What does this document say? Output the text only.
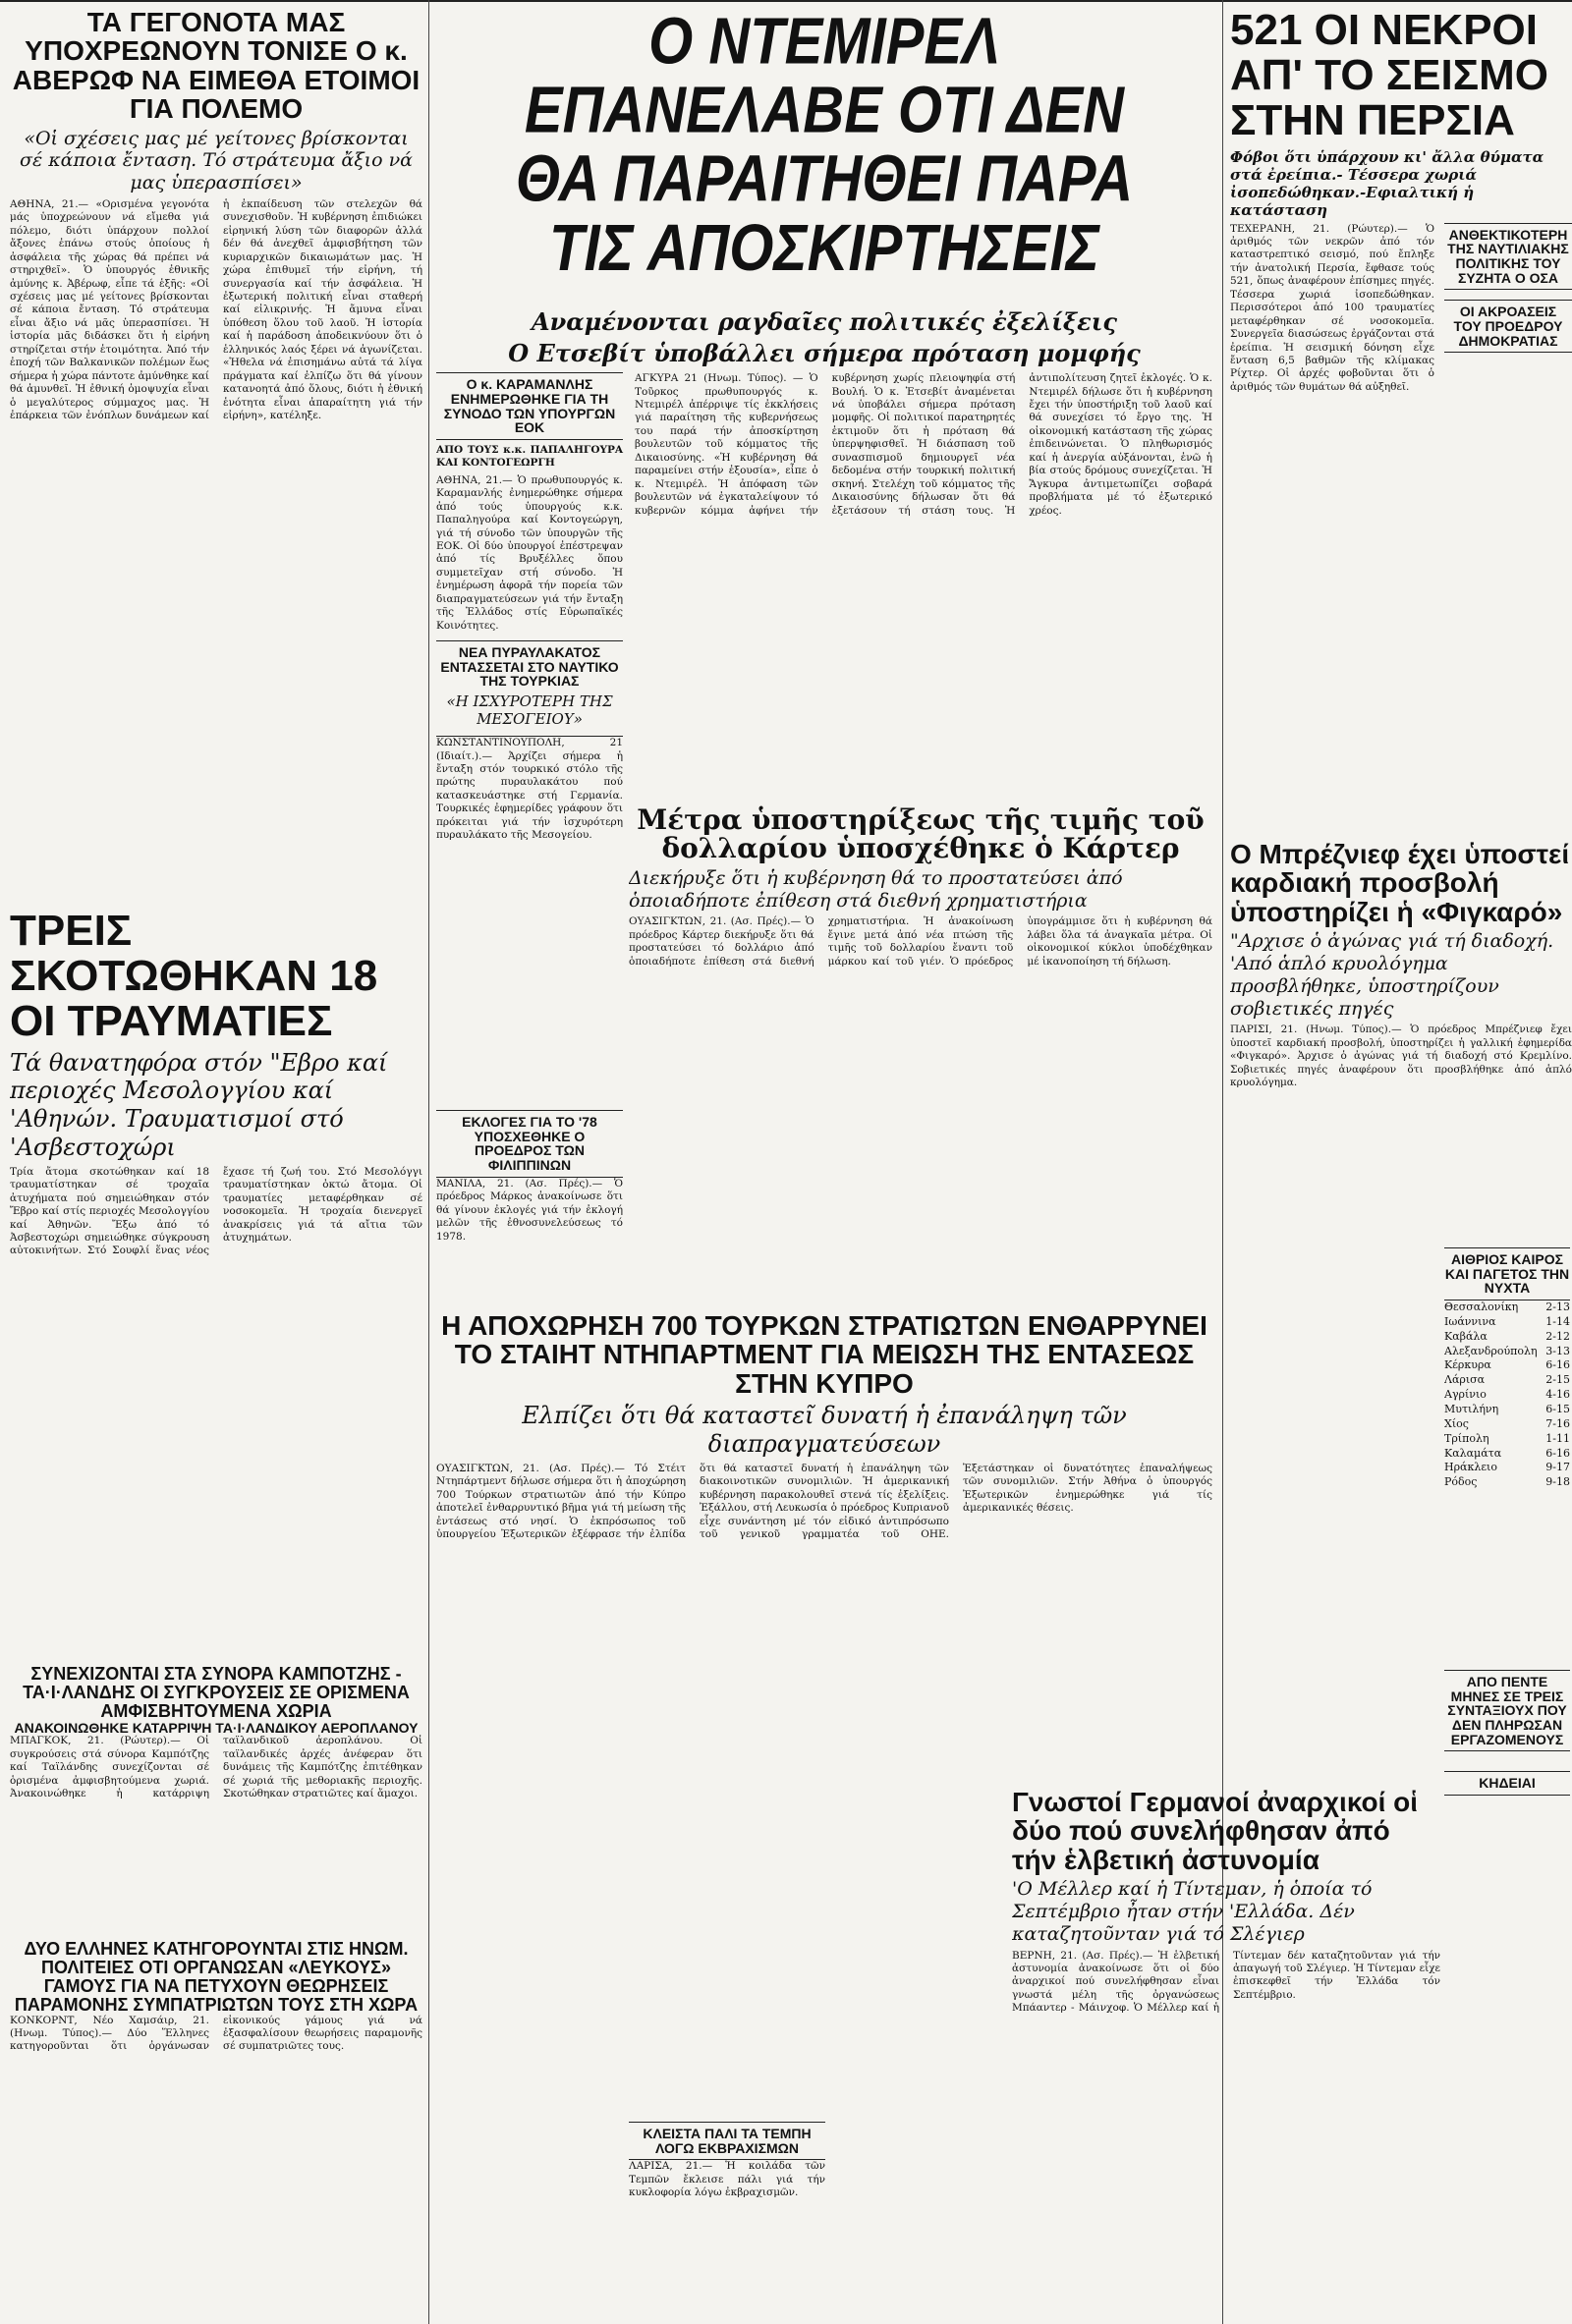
ΤΑ ΓΕΓΟΝΟΤΑ ΜΑΣ ΥΠΟΧΡΕΩΝΟΥΝ ΤΟΝΙΣΕ Ο κ. ΑΒΕΡΩΦ ΝΑ ΕΙΜΕΘΑ ΕΤΟΙΜΟΙ ΓΙΑ ΠΟΛΕΜΟ

«Οἱ σχέσεις μας μέ γείτονες βρίσκονται σέ κάποια ἔνταση. Τό στράτευμα ἄξιο νά μας ὑπερασπίσει»

ΑΘΗΝΑ, 21.— «Ορισμένα γεγονότα μάς ὑποχρεώνουν νά εἴμεθα γιά πόλεμο, διότι ὑπάρχουν πολλοί ἄξονες ἐπάνω στούς ὁποίους ἡ ἀσφάλεια τῆς χώρας θά πρέπει νά στηριχθεῖ». Ὁ ὑπουργός ἐθνικῆς ἀμύνης κ. Ἀβέρωφ, εἶπε τά ἑξῆς: «Οἱ σχέσεις μας μέ γείτονες βρίσκονται σέ κάποια ἔνταση. Τό στράτευμα εἶναι ἄξιο νά μᾶς ὑπερασπίσει. Ἡ ἱστορία μᾶς διδάσκει ὅτι ἡ εἰρήνη στηρίζεται στήν ἑτοιμότητα. Ἀπό τήν ἐποχή τῶν Βαλκανικῶν πολέμων ἕως σήμερα ἡ χώρα πάντοτε ἀμύνθηκε καί θά ἀμυνθεῖ. Ἡ ἐθνική ὁμοψυχία εἶναι ὁ μεγαλύτερος σύμμαχος μας. Ἡ ἐπάρκεια τῶν ἐνόπλων δυνάμεων καί ἡ ἐκπαίδευση τῶν στελεχῶν θά συνεχισθοῦν. Ἡ κυβέρνηση ἐπιδιώκει εἰρηνική λύση τῶν διαφορῶν ἀλλά δέν θά ἀνεχθεῖ ἀμφισβήτηση τῶν κυριαρχικῶν δικαιωμάτων μας. Ἡ χώρα ἐπιθυμεῖ τήν εἰρήνη, τή συνεργασία καί τήν ἀσφάλεια. Ἡ ἐξωτερική πολιτική εἶναι σταθερή καί εἰλικρινής. Ἡ ἄμυνα εἶναι ὑπόθεση ὅλου τοῦ λαοῦ. Ἡ ἱστορία καί ἡ παράδοση ἀποδεικνύουν ὅτι ὁ ἑλληνικός λαός ξέρει νά ἀγωνίζεται. «Ἡθελα νά ἐπισημάνω αὐτά τά λίγα πράγματα καί ἐλπίζω ὅτι θά γίνουν κατανοητά ἀπό ὅλους, διότι ἡ ἐθνική ἑνότητα εἶναι ἀπαραίτητη γιά τήν εἰρήνη», κατέληξε.

ΤΡΕΙΣ ΣΚΟΤΩΘΗΚΑΝ 18 ΟΙ ΤΡΑΥΜΑΤΙΕΣ

Τά θανατηφόρα στόν "Εβρο καί περιοχές Μεσολογγίου καί 'Αθηνών. Τραυματισμοί στό 'Ασβεστοχώρι

Τρία ἄτομα σκοτώθηκαν καί 18 τραυματίστηκαν σέ τροχαῖα ἀτυχήματα πού σημειώθηκαν στόν Ἔβρο καί στίς περιοχές Μεσολογγίου καί Ἀθηνῶν. Ἔξω ἀπό τό Ἀσβεστοχώρι σημειώθηκε σύγκρουση αὐτοκινήτων. Στό Σουφλί ἕνας νέος ἔχασε τή ζωή του. Στό Μεσολόγγι τραυματίστηκαν ὀκτώ ἄτομα. Οἱ τραυματίες μεταφέρθηκαν σέ νοσοκομεῖα. Ἡ τροχαία διενεργεῖ ἀνακρίσεις γιά τά αἴτια τῶν ἀτυχημάτων.

ΣΥΝΕΧΙΖΟΝΤΑΙ ΣΤΑ ΣΥΝΟΡΑ ΚΑΜΠΟΤΖΗΣ - ΤΑ·Ι·ΛΑΝΔΗΣ ΟΙ ΣΥΓΚΡΟΥΣΕΙΣ ΣΕ ΟΡΙΣΜΕΝΑ ΑΜΦΙΣΒΗΤΟΥΜΕΝΑ ΧΩΡΙΑ
ΑΝΑΚΟΙΝΩΘΗΚΕ ΚΑΤΑΡΡΙΨΗ ΤΑ·Ι·ΛΑΝΔΙΚΟΥ ΑΕΡΟΠΛΑΝΟΥ

ΜΠΑΓΚΟΚ, 21. (Ρώυτερ).— Οἱ συγκρούσεις στά σύνορα Καμπότζης καί Ταϊλάνδης συνεχίζονται σέ ὁρισμένα ἀμφισβητούμενα χωριά. Ἀνακοινώθηκε ἡ κατάρριψη ταϊλανδικοῦ ἀεροπλάνου. Οἱ ταϊλανδικές ἀρχές ἀνέφεραν ὅτι δυνάμεις τῆς Καμπότζης ἐπιτέθηκαν σέ χωριά τῆς μεθοριακῆς περιοχῆς. Σκοτώθηκαν στρατιῶτες καί ἄμαχοι.

ΔΥΟ ΕΛΛΗΝΕΣ ΚΑΤΗΓΟΡΟΥΝΤΑΙ ΣΤΙΣ ΗΝΩΜ. ΠΟΛΙΤΕΙΕΣ ΟΤΙ ΟΡΓΑΝΩΣΑΝ «ΛΕΥΚΟΥΣ» ΓΑΜΟΥΣ ΓΙΑ ΝΑ ΠΕΤΥΧΟΥΝ ΘΕΩΡΗΣΕΙΣ ΠΑΡΑΜΟΝΗΣ ΣΥΜΠΑΤΡΙΩΤΩΝ ΤΟΥΣ ΣΤΗ ΧΩΡΑ

ΚΟΝΚΟΡΝΤ, Νέο Χαμσάιρ, 21. (Ηνωμ. Τύπος).— Δύο Ἕλληνες κατηγοροῦνται ὅτι ὀργάνωσαν εἰκονικούς γάμους γιά νά ἐξασφαλίσουν θεωρήσεις παραμονῆς σέ συμπατριῶτες τους.

Ο ΝΤΕΜΙΡΕΛ ΕΠΑΝΕΛΑΒΕ ΟΤΙ ΔΕΝ ΘΑ ΠΑΡΑΙΤΗΘΕΙ ΠΑΡΑ ΤΙΣ ΑΠΟΣΚΙΡΤΗΣΕΙΣ

Αναμένονται ραγδαῖες πολιτικές ἐξελίξεις

Ο Ετσεβίτ ὑποβάλλει σήμερα πρόταση μομφής

Ο κ. ΚΑΡΑΜΑΝΛΗΣ ΕΝΗΜΕΡΩΘΗΚΕ ΓΙΑ ΤΗ ΣΥΝΟΔΟ ΤΩΝ ΥΠΟΥΡΓΩΝ ΕΟΚ

ΑΠΟ ΤΟΥΣ κ.κ. ΠΑΠΑΛΗΓΟΥΡΑ ΚΑΙ ΚΟΝΤΟΓΕΩΡΓΗ

ΑΘΗΝΑ, 21.— Ὁ πρωθυπουργός κ. Καραμανλής ἐνημερώθηκε σήμερα ἀπό τούς ὑπουργούς κ.κ. Παπαληγούρα καί Κοντογεώργη, γιά τή σύνοδο τῶν ὑπουργῶν τῆς ΕΟΚ. Οἱ δύο ὑπουργοί ἐπέστρεψαν ἀπό τίς Βρυξέλλες ὅπου συμμετεῖχαν στή σύνοδο. Ἡ ἐνημέρωση ἀφορᾶ τήν πορεία τῶν διαπραγματεύσεων γιά τήν ἔνταξη τῆς Ἑλλάδος στίς Εὐρωπαϊκές Κοινότητες.

ΝΕΑ ΠΥΡΑΥΛΑΚΑΤΟΣ ΕΝΤΑΣΣΕΤΑΙ ΣΤΟ ΝΑΥΤΙΚΟ ΤΗΣ ΤΟΥΡΚΙΑΣ

«Η ΙΣΧΥΡΟΤΕΡΗ ΤΗΣ ΜΕΣΟΓΕΙΟΥ»

ΚΩΝΣΤΑΝΤΙΝΟΥΠΟΛΗ, 21 (Ιδιαίτ.).— Ἀρχίζει σήμερα ἡ ἔνταξη στόν τουρκικό στόλο τῆς πρώτης πυραυλακάτου πού κατασκευάστηκε στή Γερμανία. Τουρκικές ἐφημερίδες γράφουν ὅτι πρόκειται γιά τήν ἰσχυρότερη πυραυλάκατο τῆς Μεσογείου.

ΑΓΚΥΡΑ 21 (Ηνωμ. Τύπος). — Ὁ Τοῦρκος πρωθυπουργός κ. Ντεμιρέλ ἀπέρριψε τίς ἐκκλήσεις γιά παραίτηση τῆς κυβερνήσεως του παρά τήν ἀποσκίρτηση βουλευτῶν τοῦ κόμματος τῆς Δικαιοσύνης. «Ἡ κυβέρνηση θά παραμείνει στήν ἐξουσία», εἶπε ὁ κ. Ντεμιρέλ. Ἡ ἀπόφαση τῶν βουλευτῶν νά ἐγκαταλείψουν τό κυβερνῶν κόμμα ἀφήνει τήν κυβέρνηση χωρίς πλειοψηφία στή Βουλή. Ὁ κ. Ἐτσεβίτ ἀναμένεται νά ὑποβάλει σήμερα πρόταση μομφῆς. Οἱ πολιτικοί παρατηρητές ἐκτιμοῦν ὅτι ἡ πρόταση θά ὑπερψηφισθεῖ. Ἡ διάσπαση τοῦ συνασπισμοῦ δημιουργεῖ νέα δεδομένα στήν τουρκική πολιτική σκηνή. Στελέχη τοῦ κόμματος τῆς Δικαιοσύνης δήλωσαν ὅτι θά ἐξετάσουν τή στάση τους. Ἡ ἀντιπολίτευση ζητεῖ ἐκλογές. Ὁ κ. Ντεμιρέλ δήλωσε ὅτι ἡ κυβέρνηση ἔχει τήν ὑποστήριξη τοῦ λαοῦ καί θά συνεχίσει τό ἔργο της. Ἡ οἰκονομική κατάσταση τῆς χώρας ἐπιδεινώνεται. Ὁ πληθωρισμός καί ἡ ἀνεργία αὐξάνονται, ἐνῶ ἡ βία στούς δρόμους συνεχίζεται. Ἡ Ἄγκυρα ἀντιμετωπίζει σοβαρά προβλήματα μέ τό ἐξωτερικό χρέος.

Μέτρα ὑποστηρίξεως τῆς τιμῆς τοῦ δολλαρίου ὑποσχέθηκε ὁ Κάρτερ

Διεκήρυξε ὅτι ἡ κυβέρνηση θά το προστατεύσει ἀπό ὁποιαδήποτε ἐπίθεση στά διεθνή χρηματιστήρια

ΟΥΑΣΙΓΚΤΩΝ, 21. (Ασ. Πρές).— Ὁ πρόεδρος Κάρτερ διεκήρυξε ὅτι θά προστατεύσει τό δολλάριο ἀπό ὁποιαδήποτε ἐπίθεση στά διεθνή χρηματιστήρια. Ἡ ἀνακοίνωση ἔγινε μετά ἀπό νέα πτώση τῆς τιμῆς τοῦ δολλαρίου ἔναντι τοῦ μάρκου καί τοῦ γιέν. Ὁ πρόεδρος ὑπογράμμισε ὅτι ἡ κυβέρνηση θά λάβει ὅλα τά ἀναγκαῖα μέτρα. Οἱ οἰκονομικοί κύκλοι ὑποδέχθηκαν μέ ἱκανοποίηση τή δήλωση.

ΕΚΛΟΓΕΣ ΓΙΑ ΤΟ '78 ΥΠΟΣΧΕΘΗΚΕ Ο ΠΡΟΕΔΡΟΣ ΤΩΝ ΦΙΛΙΠΠΙΝΩΝ

ΜΑΝΙΛΑ, 21. (Ασ. Πρές).— Ὁ πρόεδρος Μάρκος ἀνακοίνωσε ὅτι θά γίνουν ἐκλογές γιά τήν ἐκλογή μελῶν τῆς ἐθνοσυνελεύσεως τό 1978.

Η ΑΠΟΧΩΡΗΣΗ 700 ΤΟΥΡΚΩΝ ΣΤΡΑΤΙΩΤΩΝ ΕΝΘΑΡΡΥΝΕΙ ΤΟ ΣΤΑΙΗΤ ΝΤΗΠΑΡΤΜΕΝΤ ΓΙΑ ΜΕΙΩΣΗ ΤΗΣ ΕΝΤΑΣΕΩΣ ΣΤΗΝ ΚΥΠΡΟ

Ελπίζει ὅτι θά καταστεῖ δυνατή ἡ ἐπανάληψη τῶν διαπραγματεύσεων

ΟΥΑΣΙΓΚΤΩΝ, 21. (Ασ. Πρές).— Τό Στέιτ Ντηπάρτμεντ δήλωσε σήμερα ὅτι ἡ ἀποχώρηση 700 Τούρκων στρατιωτῶν ἀπό τήν Κύπρο ἀποτελεῖ ἐνθαρρυντικό βῆμα γιά τή μείωση τῆς ἐντάσεως στό νησί. Ὁ ἐκπρόσωπος τοῦ ὑπουργείου Ἐξωτερικῶν ἐξέφρασε τήν ἐλπίδα ὅτι θά καταστεῖ δυνατή ἡ ἐπανάληψη τῶν διακοινοτικῶν συνομιλιῶν. Ἡ ἀμερικανική κυβέρνηση παρακολουθεῖ στενά τίς ἐξελίξεις. Ἐξάλλου, στή Λευκωσία ὁ πρόεδρος Κυπριανοῦ εἶχε συνάντηση μέ τόν εἰδικό ἀντιπρόσωπο τοῦ γενικοῦ γραμματέα τοῦ ΟΗΕ. Ἐξετάστηκαν οἱ δυνατότητες ἐπαναλήψεως τῶν συνομιλιῶν. Στήν Ἀθήνα ὁ ὑπουργός Ἐξωτερικῶν ἐνημερώθηκε γιά τίς ἀμερικανικές θέσεις.

ΚΛΕΙΣΤΑ ΠΑΛΙ ΤΑ ΤΕΜΠΗ ΛΟΓΩ ΕΚΒΡΑΧΙΣΜΩΝ

ΛΑΡΙΣΑ, 21.— Ἡ κοιλάδα τῶν Τεμπῶν ἔκλεισε πάλι γιά τήν κυκλοφορία λόγω ἐκβραχισμῶν.

521 ΟΙ ΝΕΚΡΟΙ ΑΠ' ΤΟ ΣΕΙΣΜΟ ΣΤΗΝ ΠΕΡΣΙΑ

Φόβοι ὅτι ὑπάρχουν κι' ἄλλα θύματα στά ἐρείπια.- Τέσσερα χωριά ἰσοπεδώθηκαν.-Εφιαλτική ἡ κατάσταση

ΤΕΧΕΡΑΝΗ, 21. (Ρώυτερ).— Ὁ ἀριθμός τῶν νεκρῶν ἀπό τόν καταστρεπτικό σεισμό, πού ἔπληξε τήν ἀνατολική Περσία, ἔφθασε τούς 521, ὅπως ἀναφέρουν ἐπίσημες πηγές. Τέσσερα χωριά ἰσοπεδώθηκαν. Περισσότεροι ἀπό 100 τραυματίες μεταφέρθηκαν σέ νοσοκομεῖα. Συνεργεῖα διασώσεως ἐργάζονται στά ἐρείπια. Ἡ σεισμική δόνηση εἶχε ἔνταση 6,5 βαθμῶν τῆς κλίμακας Ρίχτερ. Οἱ ἀρχές φοβοῦνται ὅτι ὁ ἀριθμός τῶν θυμάτων θά αὐξηθεῖ.

ΑΝΘΕΚΤΙΚΟΤΕΡΗ ΤΗΣ ΝΑΥΤΙΛΙΑΚΗΣ ΠΟΛΙΤΙΚΗΣ ΤΟΥ ΣΥΖΗΤΑ Ο ΟΣΑ
ΟΙ ΑΚΡΟΑΣΕΙΣ ΤΟΥ ΠΡΟΕΔΡΟΥ ΔΗΜΟΚΡΑΤΙΑΣ
Ο Μπρέζνιεφ έχει ὑποστεί καρδιακή προσβολή ὑποστηρίζει ἡ «Φιγκαρό»

"Αρχισε ὁ ἀγώνας γιά τή διαδοχή. 'Από ἁπλό κρυολόγημα προσβλήθηκε, ὑποστηρίζουν σοβιετικές πηγές

ΠΑΡΙΣΙ, 21. (Ηνωμ. Τύπος).— Ὁ πρόεδρος Μπρέζνιεφ ἔχει ὑποστεῖ καρδιακή προσβολή, ὑποστηρίζει ἡ γαλλική ἐφημερίδα «Φιγκαρό». Ἀρχισε ὁ ἀγώνας γιά τή διαδοχή στό Κρεμλίνο. Σοβιετικές πηγές ἀναφέρουν ὅτι προσβλήθηκε ἀπό ἁπλό κρυολόγημα.

ΑΙΘΡΙΟΣ ΚΑΙΡΟΣ ΚΑΙ ΠΑΓΕΤΟΣ ΤΗΝ ΝΥΧΤΑ
Θεσσαλονίκη	2-13
Ιωάννινα	1-14
Καβάλα	2-12
Αλεξανδρούπολη 3-13
Κέρκυρα	6-16
Λάρισα	2-15
Αγρίνιο	4-16
Μυτιλήνη	6-15
Χίος	7-16
Τρίπολη	1-11
Καλαμάτα	6-16
Ηράκλειο	9-17
Ρόδος	9-18
Γνωστοί Γερμανοί ἀναρχικοί οἱ δύο πού συνελήφθησαν ἀπό τήν ἑλβετική ἀστυνομία

'Ο Μέλλερ καί ἡ Τίντεμαν, ἡ ὁποία τό Σεπτέμβριο ἦταν στήν 'Ελλάδα. Δέν καταζητοῦνταν γιά τό Σλέγιερ

ΒΕΡΝΗ, 21. (Ασ. Πρές).— Ἡ ἑλβετική ἀστυνομία ἀνακοίνωσε ὅτι οἱ δύο ἀναρχικοί πού συνελήφθησαν εἶναι γνωστά μέλη τῆς ὀργανώσεως Μπάαντερ - Μάινχοφ. Ὁ Μέλλερ καί ἡ Τίντεμαν δέν καταζητοῦνταν γιά τήν ἀπαγωγή τοῦ Σλέγιερ. Ἡ Τίντεμαν εἶχε ἐπισκεφθεῖ τήν Ἑλλάδα τόν Σεπτέμβριο.

ΑΠΟ ΠΕΝΤΕ ΜΗΝΕΣ ΣΕ ΤΡΕΙΣ ΣΥΝΤΑΞΙΟΥΧ ΠΟΥ ΔΕΝ ΠΛΗΡΩΣΑΝ ΕΡΓΑΖΟΜΕΝΟΥΣ
ΚΗΔΕΙΑΙ
